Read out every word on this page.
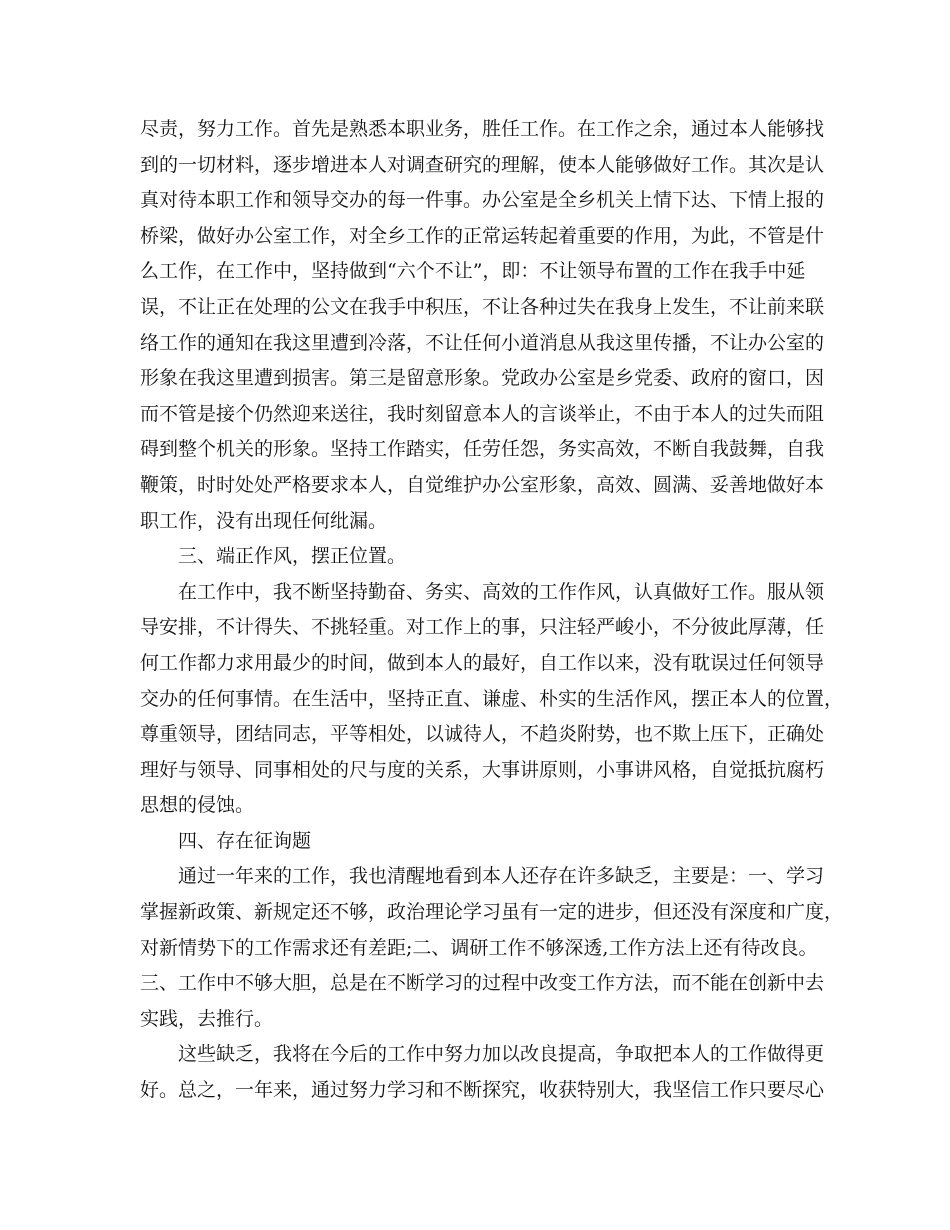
尽责，努力工作。首先是熟悉本职业务，胜任工作。在工作之余，通过本人能够找
到的一切材料，逐步增进本人对调查研究的理解，使本人能够做好工作。其次是认
真对待本职工作和领导交办的每一件事。办公室是全乡机关上情下达、下情上报的
桥梁，做好办公室工作，对全乡工作的正常运转起着重要的作用，为此，不管是什
么工作，在工作中，坚持做到“六个不让”，即：不让领导布置的工作在我手中延
误，不让正在处理的公文在我手中积压，不让各种过失在我身上发生，不让前来联
络工作的通知在我这里遭到冷落，不让任何小道消息从我这里传播，不让办公室的
形象在我这里遭到损害。第三是留意形象。党政办公室是乡党委、政府的窗口，因
而不管是接个仍然迎来送往，我时刻留意本人的言谈举止，不由于本人的过失而阻
碍到整个机关的形象。坚持工作踏实，任劳任怨，务实高效，不断自我鼓舞，自我
鞭策，时时处处严格要求本人，自觉维护办公室形象，高效、圆满、妥善地做好本
职工作，没有出现任何纰漏。
三、端正作风，摆正位置。
在工作中，我不断坚持勤奋、务实、高效的工作作风，认真做好工作。服从领
导安排，不计得失、不挑轻重。对工作上的事，只注轻严峻小，不分彼此厚薄，任
何工作都力求用最少的时间，做到本人的最好，自工作以来，没有耽误过任何领导
交办的任何事情。在生活中，坚持正直、谦虚、朴实的生活作风，摆正本人的位置，
尊重领导，团结同志，平等相处，以诚待人，不趋炎附势，也不欺上压下，正确处
理好与领导、同事相处的尺与度的关系，大事讲原则，小事讲风格，自觉抵抗腐朽
思想的侵蚀。
四、存在征询题
通过一年来的工作，我也清醒地看到本人还存在许多缺乏，主要是：一、学习
掌握新政策、新规定还不够，政治理论学习虽有一定的进步，但还没有深度和广度，
对新情势下的工作需求还有差距;二、调研工作不够深透,工作方法上还有待改良。
三、工作中不够大胆，总是在不断学习的过程中改变工作方法，而不能在创新中去
实践，去推行。
这些缺乏，我将在今后的工作中努力加以改良提高，争取把本人的工作做得更
好。总之，一年来，通过努力学习和不断探究，收获特别大，我坚信工作只要尽心
